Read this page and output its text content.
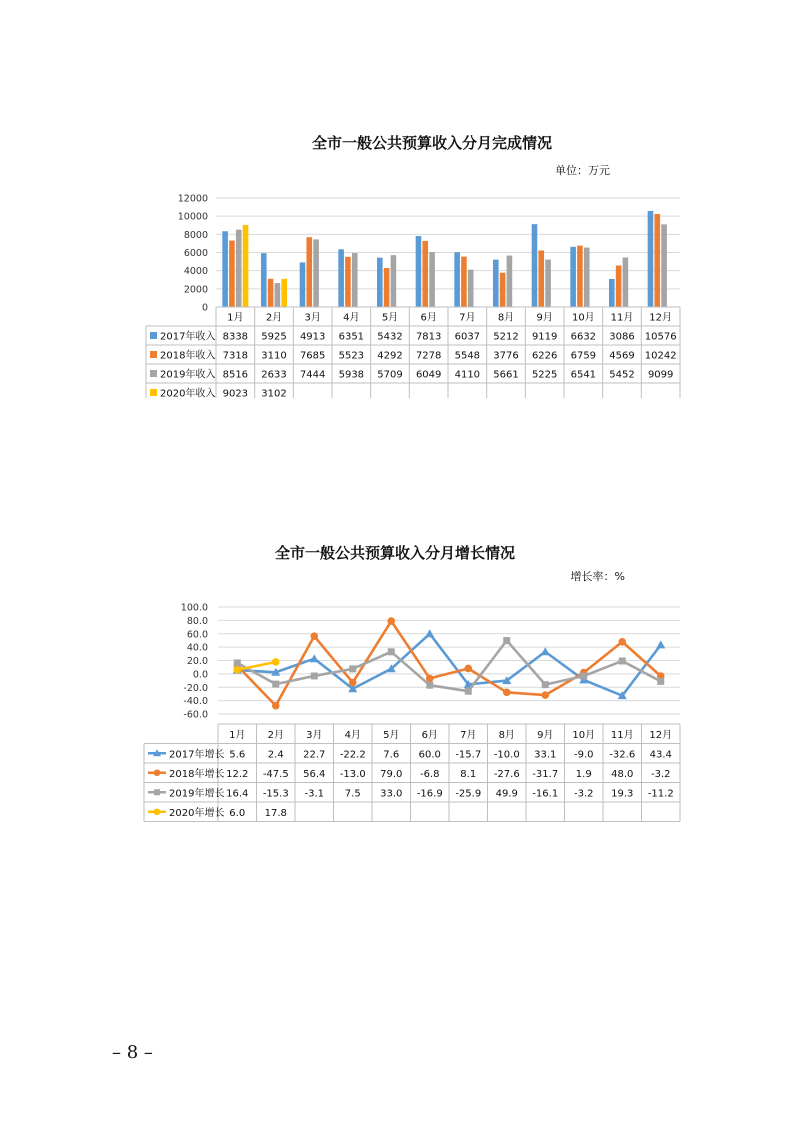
全市一般公共预算收入分月完成情况
单位：万元
0
2000
4000
6000
8000
10000
12000
1月 2月 3月 4月 5月 6月 7月 8月 9月 10月 11月 12月
2017年收入 8338 5925 4913 6351 5432 7813 6037 5212 9119 6632 3086 10576
2018年收入 7318 3110 7685 5523 4292 7278 5548 3776 6226 6759 4569 10242
2019年收入 8516 2633 7444 5938 5709 6049 4110 5661 5225 6541 5452 9099
2020年收入 9023 3102
全市一般公共预算收入分月增长情况
增长率：%
-60.0
-40.0
-20.0
0.0
20.0
40.0
60.0
80.0
100.0
1月 2月 3月 4月 5月 6月 7月 8月 9月 10月 11月 12月
2017年增长 5.6 2.4 22.7 -22.2 7.6 60.0 -15.7 -10.0 33.1 -9.0 -32.6 43.4
2018年增长 12.2 -47.5 56.4 -13.0 79.0 -6.8 8.1 -27.6 -31.7 1.9 48.0 -3.2
2019年增长 16.4 -15.3 -3.1 7.5 33.0 -16.9 -25.9 49.9 -16.1 -3.2 19.3 -11.2
2020年增长 6.0 17.8
– 8 –
